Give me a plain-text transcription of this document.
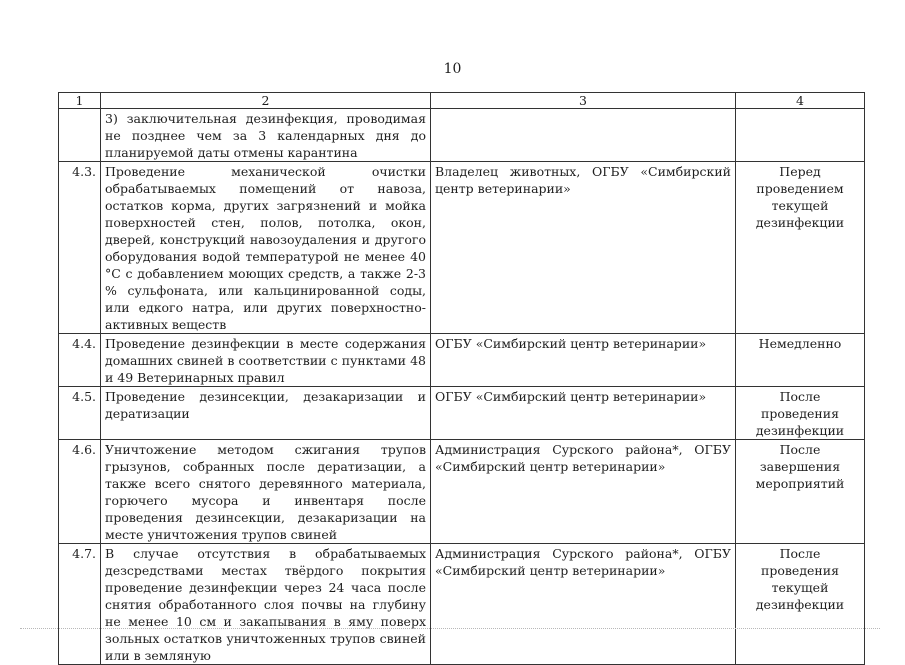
10
1	2	3	4
	3) заключительная дезинфекция, проводимая не позднее чем за 3 календарных дня до планируемой даты отмены карантина		
4.3.	Проведение механической очистки обрабатываемых помещений от навоза, остатков корма, других загрязнений и мойка поверхностей стен, полов, потолка, окон, дверей, конструкций навозоудаления и другого оборудования водой температурой не менее 40 °С с добавлением моющих средств, а также 2-3 % сульфоната, или кальцинированной соды, или едкого натра, или других поверхностно-активных веществ	Владелец животных, ОГБУ «Симбирский центр ветеринарии»	Перед проведением текущей дезинфекции
4.4.	Проведение дезинфекции в месте содержания домашних свиней в соответствии с пунктами 48 и 49 Ветеринарных правил	ОГБУ «Симбирский центр ветеринарии»	Немедленно
4.5.	Проведение дезинсекции, дезакаризации и дератизации	ОГБУ «Симбирский центр ветеринарии»	После проведения дезинфекции
4.6.	Уничтожение методом сжигания трупов грызунов, собранных после дератизации, а также всего снятого деревянного материала, горючего мусора и инвентаря после проведения дезинсекции, дезакаризации на месте уничтожения трупов свиней	Администрация Сурского района*, ОГБУ «Симбирский центр ветеринарии»	После завершения мероприятий
4.7.	В случае отсутствия в обрабатываемых дезсредствами местах твёрдого покрытия проведение дезинфекции через 24 часа после снятия обработанного слоя почвы на глубину не менее 10 см и закапывания в яму поверх зольных остатков уничтоженных трупов свиней или в земляную	Администрация Сурского района*, ОГБУ «Симбирский центр ветеринарии»	После проведения текущей дезинфекции
